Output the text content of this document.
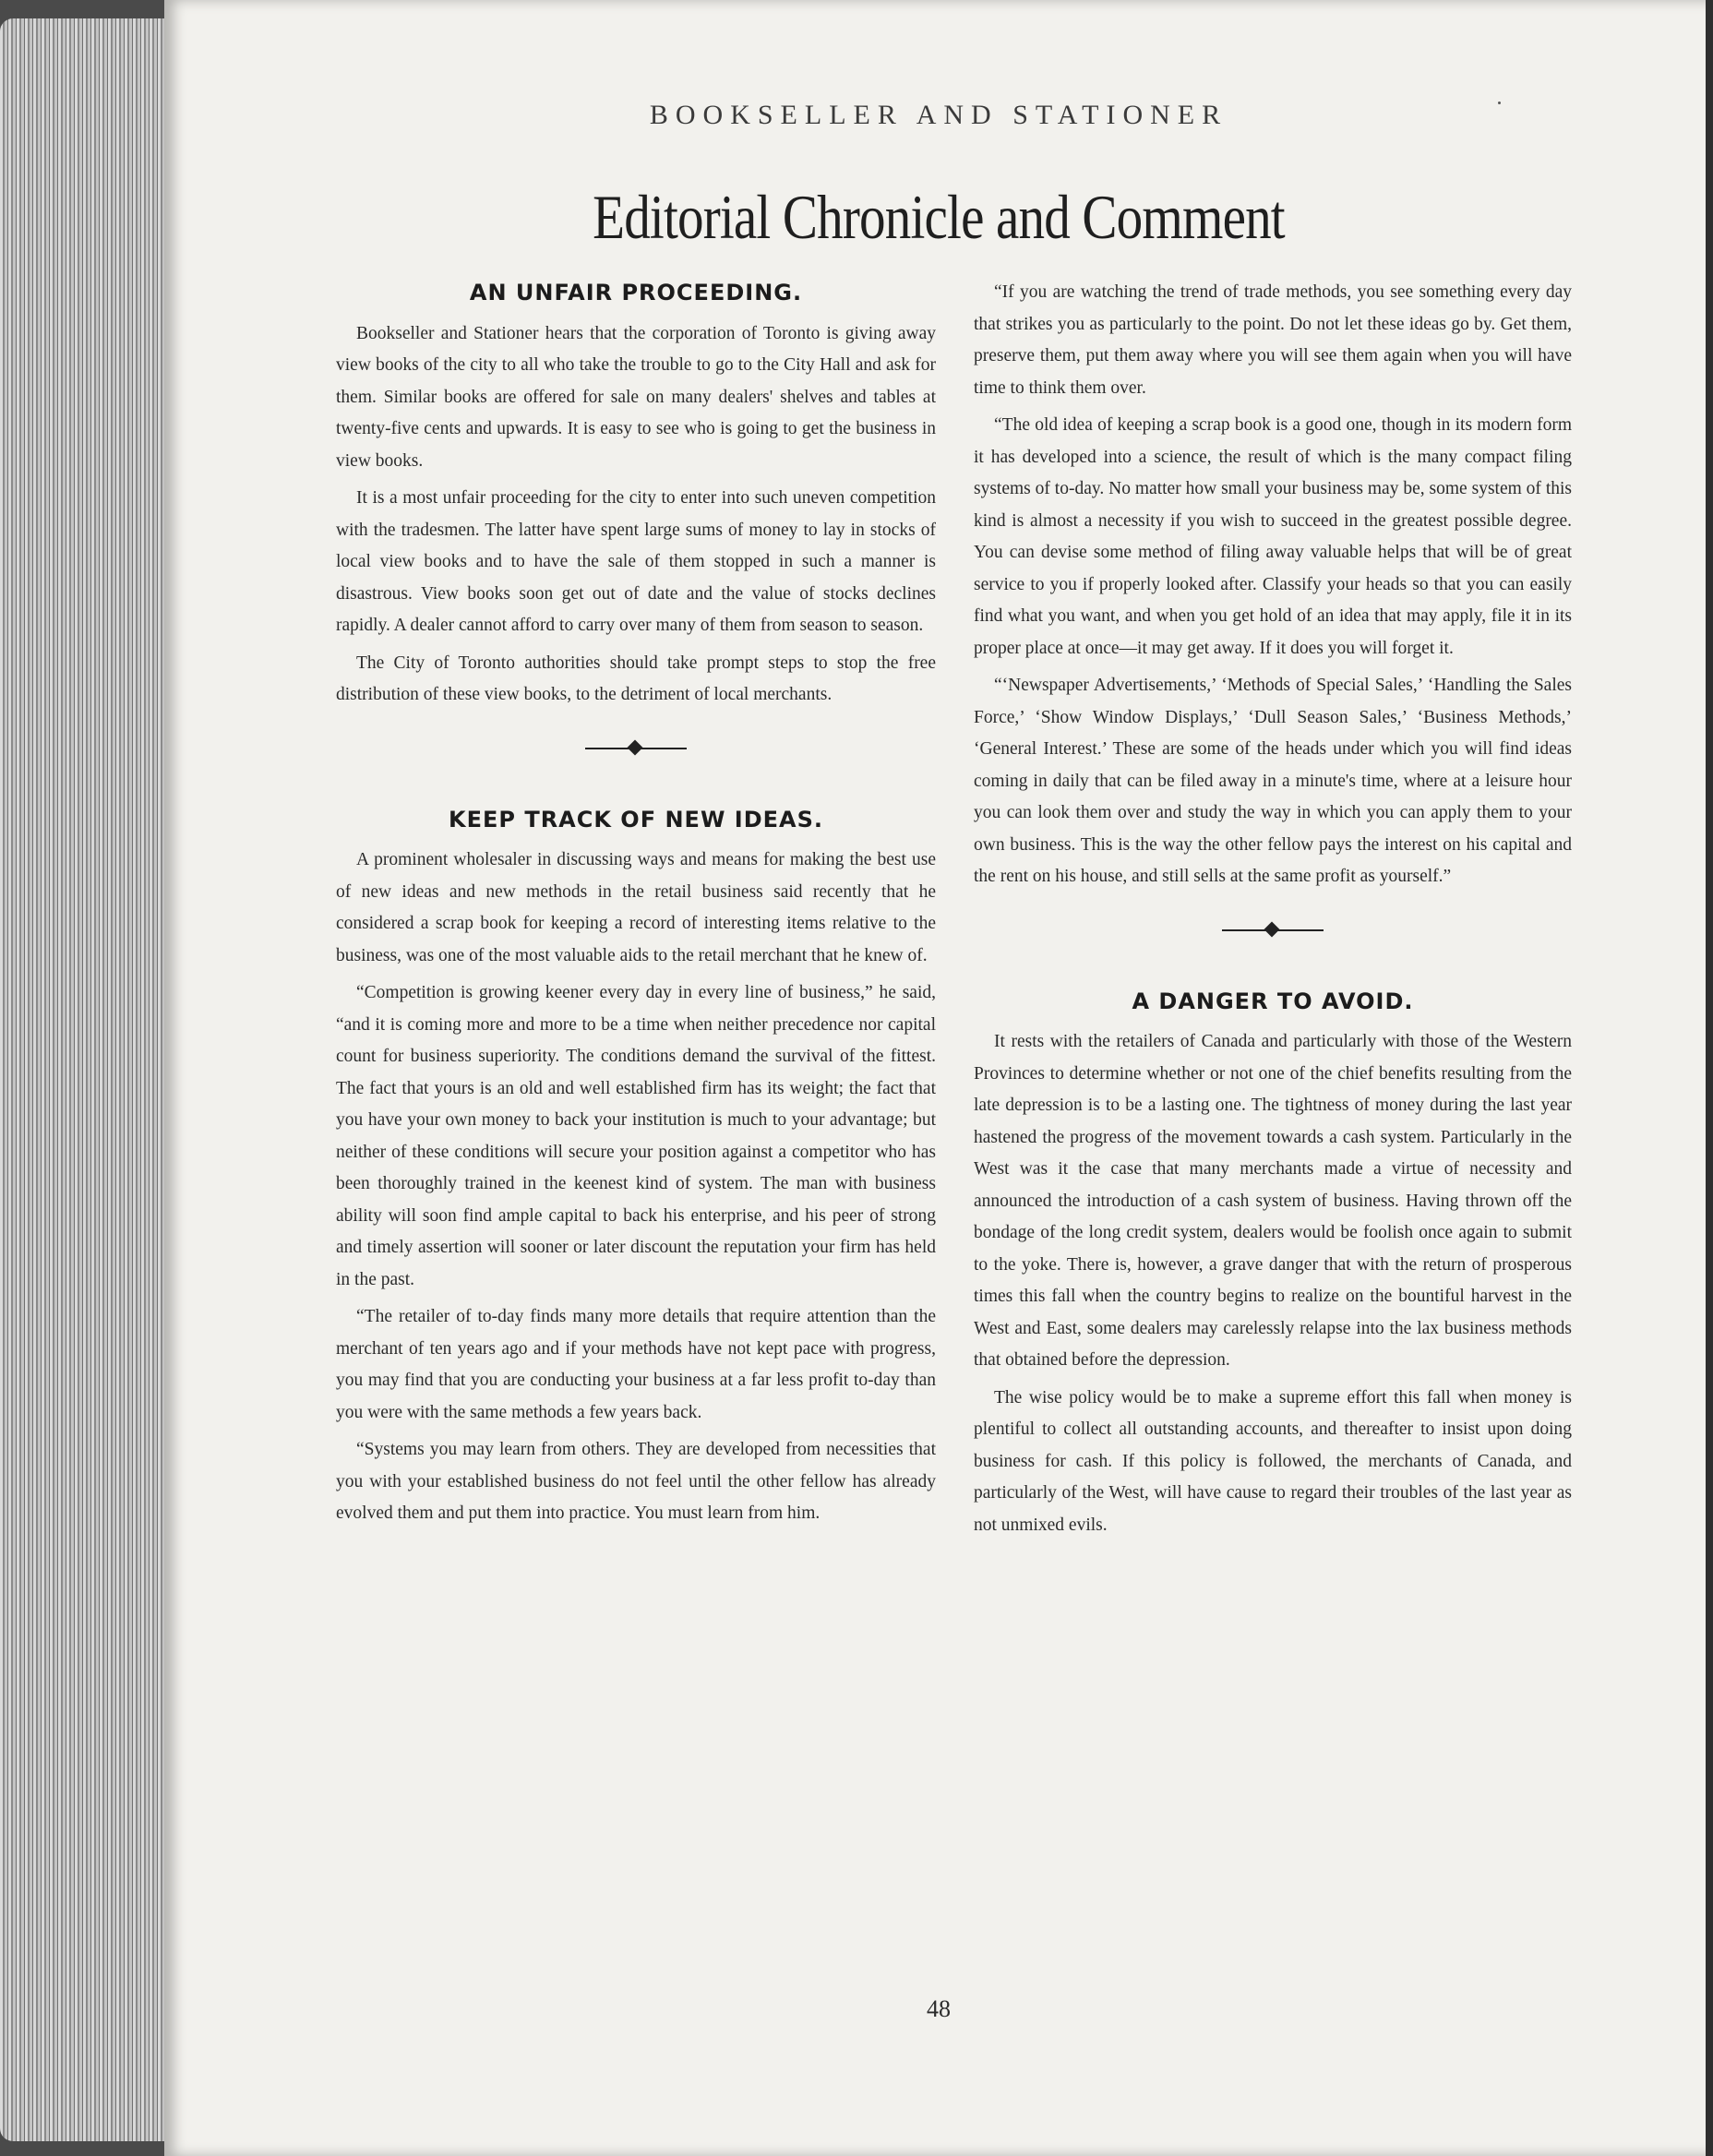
BOOKSELLER AND STATIONER

Editorial Chronicle and Comment
AN UNFAIR PROCEEDING.

Bookseller and Stationer hears that the corporation of Toronto is giving away view books of the city to all who take the trouble to go to the City Hall and ask for them. Similar books are offered for sale on many dealers' shelves and tables at twenty-five cents and upwards. It is easy to see who is going to get the business in view books.

It is a most unfair proceeding for the city to enter into such uneven competition with the tradesmen. The latter have spent large sums of money to lay in stocks of local view books and to have the sale of them stopped in such a manner is disastrous. View books soon get out of date and the value of stocks declines rapidly. A dealer cannot afford to carry over many of them from season to season.

The City of Toronto authorities should take prompt steps to stop the free distribution of these view books, to the detriment of local merchants.

KEEP TRACK OF NEW IDEAS.

A prominent wholesaler in discussing ways and means for making the best use of new ideas and new methods in the retail business said recently that he considered a scrap book for keeping a record of interesting items relative to the business, was one of the most valuable aids to the retail merchant that he knew of.

“Competition is growing keener every day in every line of business,” he said, “and it is coming more and more to be a time when neither precedence nor capital count for business superiority. The conditions demand the survival of the fittest. The fact that yours is an old and well established firm has its weight; the fact that you have your own money to back your institution is much to your advantage; but neither of these conditions will secure your position against a competitor who has been thoroughly trained in the keenest kind of system. The man with business ability will soon find ample capital to back his enterprise, and his peer of strong and timely assertion will sooner or later discount the reputation your firm has held in the past.

“The retailer of to-day finds many more details that require attention than the merchant of ten years ago and if your methods have not kept pace with progress, you may find that you are conducting your business at a far less profit to-day than you were with the same methods a few years back.

“Systems you may learn from others. They are developed from necessities that you with your established business do not feel until the other fellow has already evolved them and put them into practice. You must learn from him.

“If you are watching the trend of trade methods, you see something every day that strikes you as particularly to the point. Do not let these ideas go by. Get them, preserve them, put them away where you will see them again when you will have time to think them over.

“The old idea of keeping a scrap book is a good one, though in its modern form it has developed into a science, the result of which is the many compact filing systems of to-day. No matter how small your business may be, some system of this kind is almost a necessity if you wish to succeed in the greatest possible degree. You can devise some method of filing away valuable helps that will be of great service to you if properly looked after. Classify your heads so that you can easily find what you want, and when you get hold of an idea that may apply, file it in its proper place at once—it may get away. If it does you will forget it.

“‘Newspaper Advertisements,’ ‘Methods of Special Sales,’ ‘Handling the Sales Force,’ ‘Show Window Displays,’ ‘Dull Season Sales,’ ‘Business Methods,’ ‘General Interest.’ These are some of the heads under which you will find ideas coming in daily that can be filed away in a minute's time, where at a leisure hour you can look them over and study the way in which you can apply them to your own business. This is the way the other fellow pays the interest on his capital and the rent on his house, and still sells at the same profit as yourself.”

A DANGER TO AVOID.

It rests with the retailers of Canada and particularly with those of the Western Provinces to determine whether or not one of the chief benefits resulting from the late depression is to be a lasting one. The tightness of money during the last year hastened the progress of the movement towards a cash system. Particularly in the West was it the case that many merchants made a virtue of necessity and announced the introduction of a cash system of business. Having thrown off the bondage of the long credit system, dealers would be foolish once again to submit to the yoke. There is, however, a grave danger that with the return of prosperous times this fall when the country begins to realize on the bountiful harvest in the West and East, some dealers may carelessly relapse into the lax business methods that obtained before the depression.

The wise policy would be to make a supreme effort this fall when money is plentiful to collect all outstanding accounts, and thereafter to insist upon doing business for cash. If this policy is followed, the merchants of Canada, and particularly of the West, will have cause to regard their troubles of the last year as not unmixed evils.

48
